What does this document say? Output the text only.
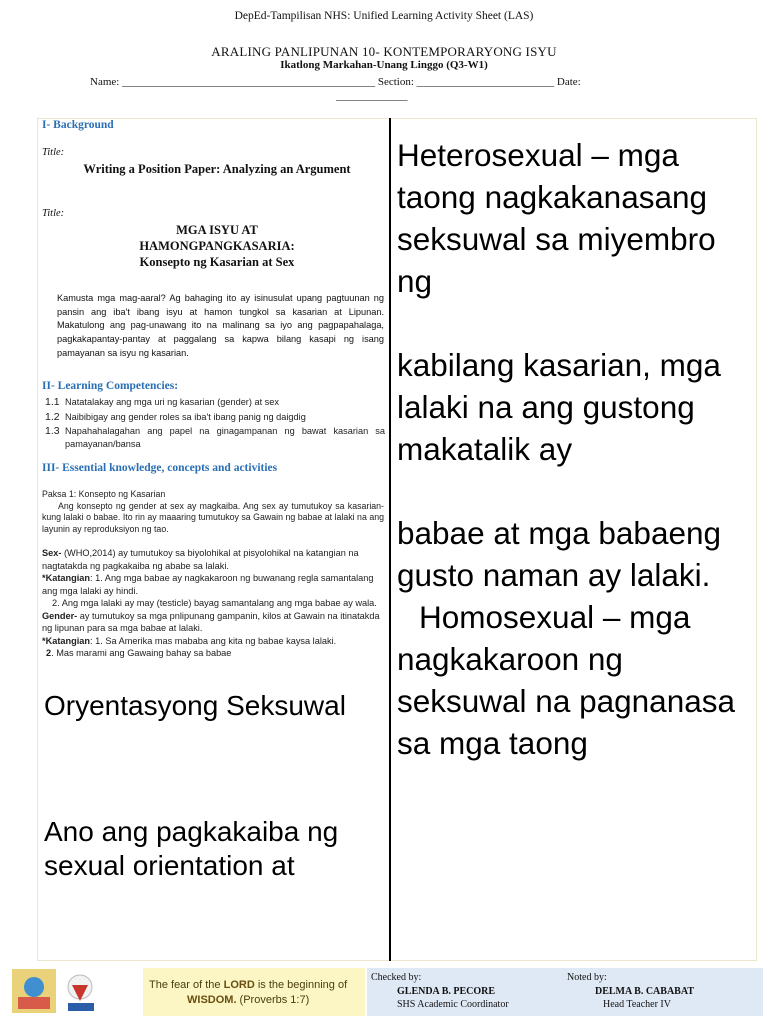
DepEd-Tampilisan NHS: Unified Learning Activity Sheet (LAS)
ARALING PANLIPUNAN 10- KONTEMPORARYONG ISYU
Ikatlong Markahan-Unang Linggo (Q3-W1)
Name: ______________________________________________ Section: _________________________ Date:
_____________
I- Background
Title:
Writing a Position Paper: Analyzing an Argument
Title:
MGA ISYU AT
HAMONGPANGKASARIA:
Konsepto ng Kasarian at Sex
Kamusta mga mag-aaral? Ag bahaging ito ay isinusulat upang pagtuunan ng pansin ang iba't ibang isyu at hamon tungkol sa kasarian at Lipunan. Makatulong ang pag-unawang ito na malinang sa iyo ang pagpapahalaga, pagkakapantay-pantay at paggalang sa kapwa bilang kasapi ng isang pamayanan sa isyu ng kasarian.
II- Learning Competencies:
1.1 Natatalakay ang mga uri ng kasarian (gender) at sex
1.2 Naibibigay ang gender roles sa iba't ibang panig ng daigdig
1.3 Napahahalagahan ang papel na ginagampanan ng bawat kasarian sa pamayanan/bansa
III- Essential knowledge, concepts and activities
Paksa 1: Konsepto ng Kasarian
Ang konsepto ng gender at sex ay magkaiba. Ang sex ay tumutukoy sa kasarian- kung lalaki o babae. Ito rin ay maaaring tumutukoy sa Gawain ng babae at lalaki na ang layunin ay reproduksiyon ng tao.
Sex- (WHO,2014) ay tumutukoy sa biyolohikal at pisyolohikal na katangian na nagtatakda ng pagkakaiba ng ababe sa lalaki.
*Katangian: 1. Ang mga babae ay nagkakaroon ng buwanang regla samantalang ang mga lalaki ay hindi.
2. Ang mga lalaki ay may (testicle) bayag samantalang ang mga babae ay wala.
Gender- ay tumutukoy sa mga pnlipunang gampanin, kilos at Gawain na itinatakda ng lipunan para sa mga babae at lalaki.
*Katangian: 1. Sa Amerika mas mababa ang kita ng babae kaysa lalaki.
2. Mas marami ang Gawaing bahay sa babae
Oryentasyong Seksuwal
Ano ang pagkakaiba ng sexual orientation at

Heterosexual – mga taong nagkakanasang seksuwal sa miyembro ng

kabilang kasarian, mga lalaki na ang gustong makatalik ay

babae at mga babaeng gusto naman ay lalaki.

Homosexual – mga nagkakaroon ng seksuwal na pagnanasa sa mga taong

The fear of the LORD is the beginning of
WISDOM. (Proverbs 1:7)
Checked by:
GLENDA B. PECORE
SHS Academic Coordinator
Noted by:
DELMA B. CABABAT
Head Teacher IV
